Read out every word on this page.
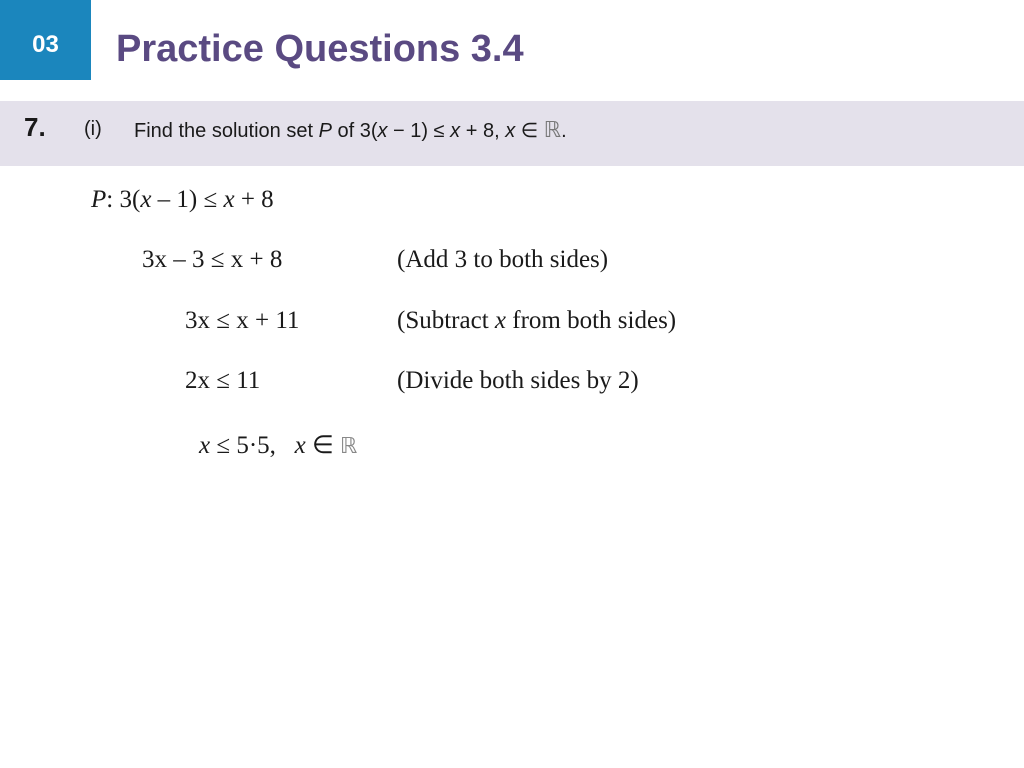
03 Practice Questions 3.4
7. (i) Find the solution set P of 3(x − 1) ≤ x + 8, x ∈ ℝ.
P: 3(x – 1) ≤ x + 8
3x – 3 ≤ x + 8	(Add 3 to both sides)
3x ≤ x + 11	(Subtract x from both sides)
2x ≤ 11	(Divide both sides by 2)
x ≤ 5·5,   x ∈ ℝ
